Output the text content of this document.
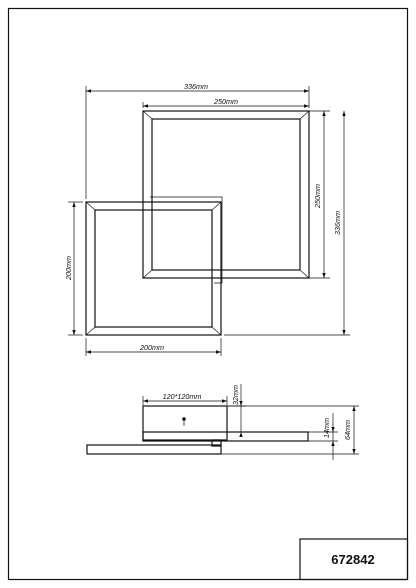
672842
336mm
250mm
250mm
336mm
200mm
200mm
120*120mm	32mm
14mm 64mm
